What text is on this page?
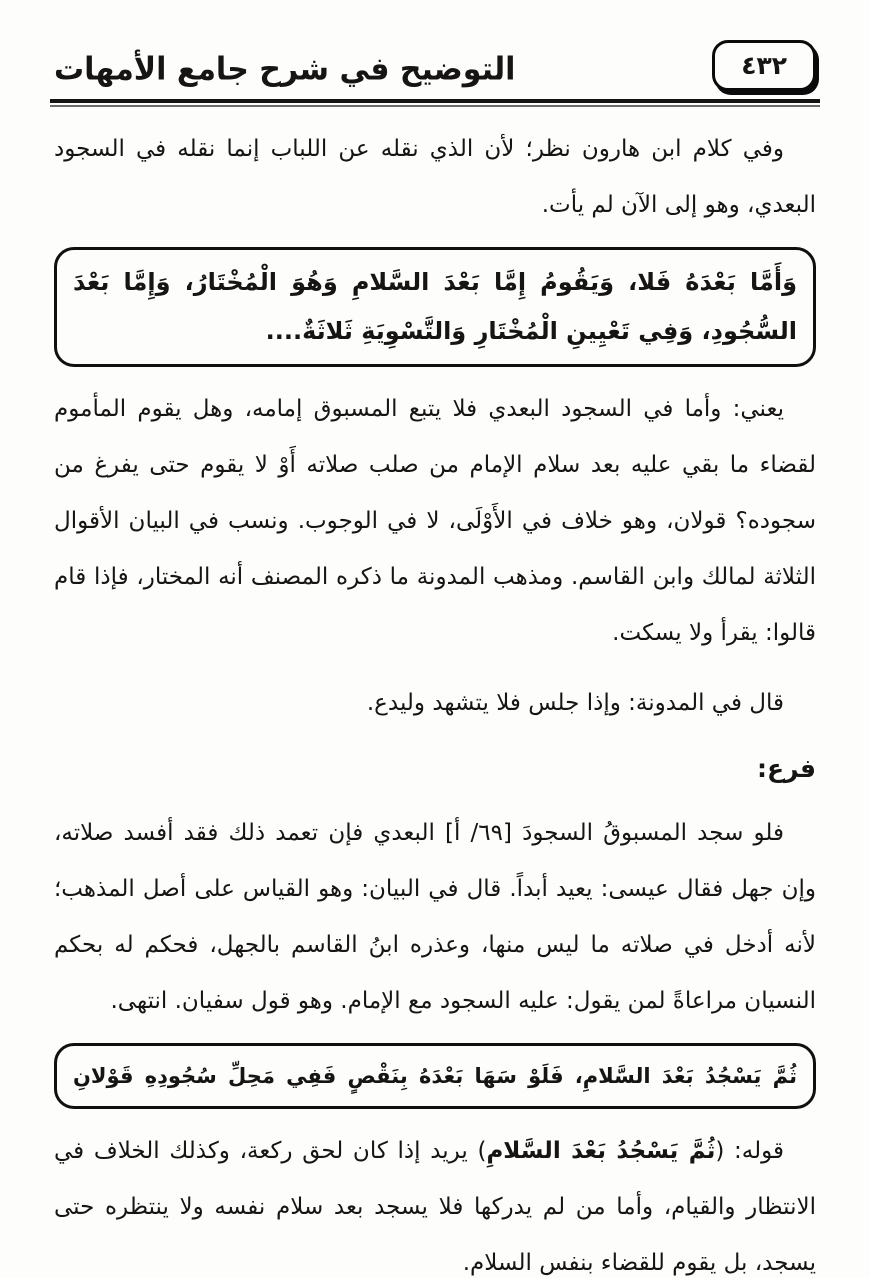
التوضيح في شرح جامع الأمهات	٤٣٢

وفي كلام ابن هارون نظر؛ لأن الذي نقله عن اللباب إنما نقله في السجود البعدي، وهو إلى الآن لم يأت.

وَأَمَّا بَعْدَهُ فَلا، وَيَقُومُ إِمَّا بَعْدَ السَّلامِ وَهُوَ الْمُخْتَارُ، وَإِمَّا بَعْدَ السُّجُودِ، وَفِي تَعْيِينِ الْمُخْتَارِ وَالتَّسْوِيَةِ ثَلاثَةٌ....

يعني: وأما في السجود البعدي فلا يتبع المسبوق إمامه، وهل يقوم المأموم لقضاء ما بقي عليه بعد سلام الإمام من صلب صلاته أَوْ لا يقوم حتى يفرغ من سجوده؟ قولان، وهو خلاف في الأَوْلَى، لا في الوجوب. ونسب في البيان الأقوال الثلاثة لمالك وابن القاسم. ومذهب المدونة ما ذكره المصنف أنه المختار، فإذا قام قالوا: يقرأ ولا يسكت.

قال في المدونة: وإذا جلس فلا يتشهد وليدع.

فرع:

فلو سجد المسبوقُ السجودَ [٦٩/ أ] البعدي فإن تعمد ذلك فقد أفسد صلاته، وإن جهل فقال عيسى: يعيد أبداً. قال في البيان: وهو القياس على أصل المذهب؛ لأنه أدخل في صلاته ما ليس منها، وعذره ابنُ القاسم بالجهل، فحكم له بحكم النسيان مراعاةً لمن يقول: عليه السجود مع الإمام. وهو قول سفيان. انتهى.

ثُمَّ يَسْجُدُ بَعْدَ السَّلامِ، فَلَوْ سَهَا بَعْدَهُ بِنَقْصٍ فَفِي مَحِلِّ سُجُودِهِ قَوْلانِ

قوله: (ثُمَّ يَسْجُدُ بَعْدَ السَّلامِ) يريد إذا كان لحق ركعة، وكذلك الخلاف في الانتظار والقيام، وأما من لم يدركها فلا يسجد بعد سلام نفسه ولا ينتظره حتى يسجد، بل يقوم للقضاء بنفس السلام.
